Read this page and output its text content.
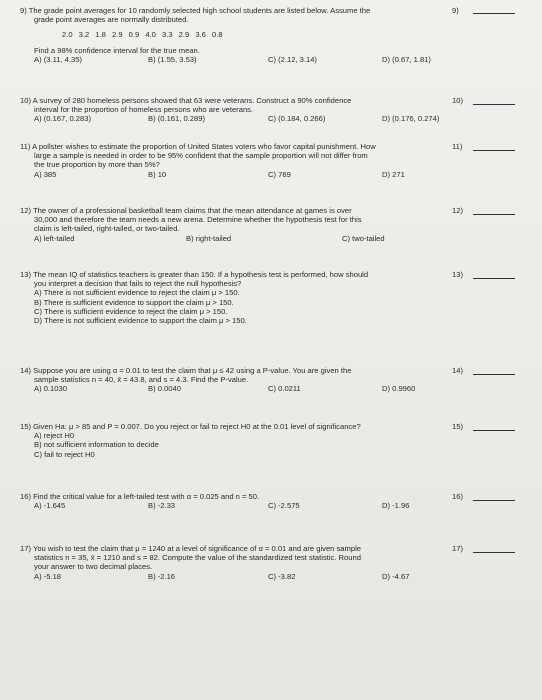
9) The grade point averages for 10 randomly selected high school students are listed below. Assume the
grade point averages are normally distributed.
2.0 3.2 1.8 2.9 0.9 4.0 3.3 2.9 3.6 0.8
Find a 98% confidence interval for the true mean.
A) (3.11, 4.35)	B) (1.55, 3.53)	C) (2.12, 3.14)	D) (0.67, 1.81)
9)
10) A survey of 280 homeless persons showed that 63 were veterans. Construct a 90% confidence
interval for the proportion of homeless persons who are veterans.
A) (0.167, 0.283)	B) (0.161, 0.289)	C) (0.184, 0.266)	D) (0.176, 0.274)
10)
11) A pollster wishes to estimate the proportion of United States voters who favor capital punishment. How
large a sample is needed in order to be 95% confident that the sample proportion will not differ from
the true proportion by more than 5%?
A) 385	B) 10	C) 769	D) 271
11)
12) The owner of a professional basketball team claims that the mean attendance at games is over
30,000 and therefore the team needs a new arena. Determine whether the hypothesis test for this
claim is left-tailed, right-tailed, or two-tailed.
A) left-tailed	B) right-tailed	C) two-tailed
12)
13) The mean IQ of statistics teachers is greater than 150. If a hypothesis test is performed, how should
you interpret a decision that fails to reject the null hypothesis?
A) There is not sufficient evidence to reject the claim μ > 150.
B) There is sufficient evidence to support the claim μ > 150.
C) There is sufficient evidence to reject the claim μ > 150.
D) There is not sufficient evidence to support the claim μ > 150.
13)
14) Suppose you are using α = 0.01 to test the claim that μ ≤ 42 using a P-value. You are given the
sample statistics n = 40, x̄ = 43.8, and s = 4.3. Find the P-value.
A) 0.1030	B) 0.0040	C) 0.0211	D) 0.9960
14)
15) Given Ha: μ > 85 and P = 0.007. Do you reject or fail to reject H0 at the 0.01 level of significance?
A) reject H0
B) not sufficient information to decide
C) fail to reject H0
15)
16) Find the critical value for a left-tailed test with α = 0.025 and n = 50.
A) -1.645	B) -2.33	C) -2.575	D) -1.96
16)
17) You wish to test the claim that μ = 1240 at a level of significance of α = 0.01 and are given sample
statistics n = 35, x̄ = 1210 and s = 82. Compute the value of the standardized test statistic. Round
your answer to two decimal places.
A) -5.18	B) -2.16	C) -3.82	D) -4.67
17)
